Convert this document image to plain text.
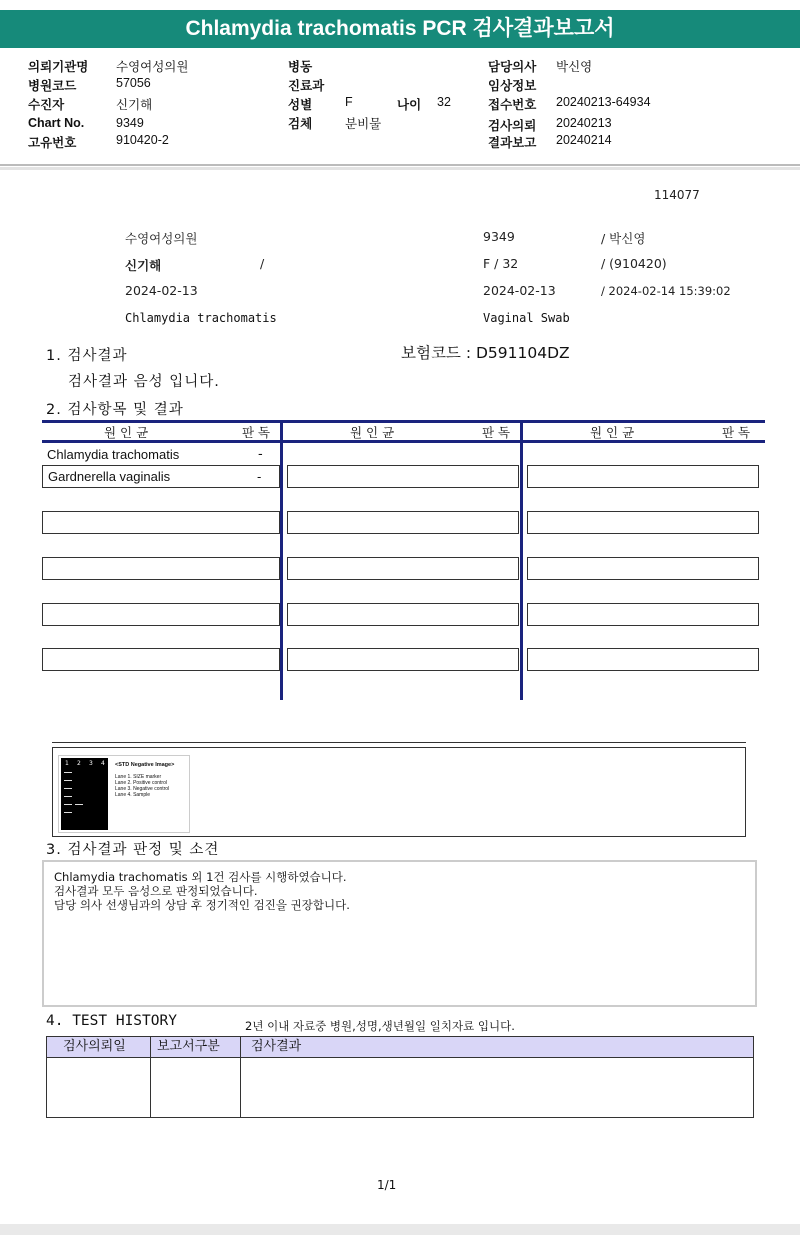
Chlamydia trachomatis PCR 검사결과보고서
의뢰기관명 수영여성의원
병원코드	57056
수진자	신기해
Chart No.	9349
고유번호	910420-2
병동
진료과
성별	F	나이 32
검체	분비물
담당의사 박신영
임상정보
접수번호 20240213-64934
검사의뢰 20240213
결과보고 20240214
114077
수영여성의원	9349	/ 박신영
신기해	/	F / 32	/ (910420)
2024-02-13	2024-02-13	/ 2024-02-14 15:39:02
Chlamydia trachomatis	Vaginal Swab
1. 검사결과	보험코드 : D591104DZ
검사결과 음성 입니다.
2. 검사항목 및 결과
원 인 균	판 독	원 인 균	판 독	원 인 균	판 독
Chlamydia trachomatis	-
Gardnerella vaginalis	-
1 2 3 4 <STD Negative Image>
Lane 1. SIZE marker
Lane 2. Positive control
Lane 3. Negative control
Lane 4. Sample
3. 검사결과 판정 및 소견
Chlamydia trachomatis 외 1건 검사를 시행하였습니다.
검사결과 모두 음성으로 판정되었습니다.
담당 의사 선생님과의 상담 후 정기적인 검진을 권장합니다.
4. TEST HISTORY	2년 이내 자료중 병원,성명,생년월일 일치자료 입니다.
검사의뢰일 보고서구분 검사결과
1/1
